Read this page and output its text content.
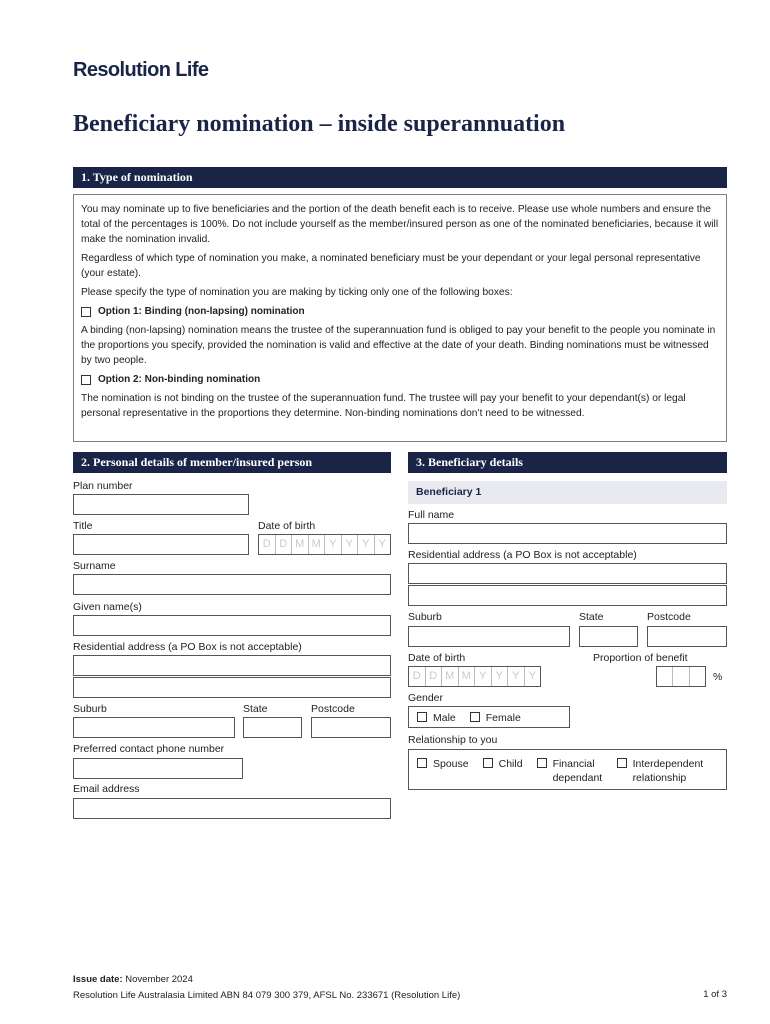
Resolution Life
Beneficiary nomination – inside superannuation
1. Type of nomination

You may nominate up to five beneficiaries and the portion of the death benefit each is to receive. Please use whole numbers and ensure the total of the percentages is 100%. Do not include yourself as the member/insured person as one of the nominated beneficiaries, because it will make the nomination invalid.

Regardless of which type of nomination you make, a nominated beneficiary must be your dependant or your legal personal representative (your estate).

Please specify the type of nomination you are making by ticking only one of the following boxes:

Option 1: Binding (non-lapsing) nomination

A binding (non-lapsing) nomination means the trustee of the superannuation fund is obliged to pay your benefit to the people you nominate in the proportions you specify, provided the nomination is valid and effective at the date of your death. Binding nominations must be witnessed by two people.

Option 2: Non-binding nomination

The nomination is not binding on the trustee of the superannuation fund. The trustee will pay your benefit to your dependant(s) or legal personal representative in the proportions they determine. Non-binding nominations don’t need to be witnessed.

2. Personal details of member/insured person
Plan number
Title	Date of birth
D D M M Y Y Y Y
Surname
Given name(s)
Residential address (a PO Box is not acceptable)
Suburb	State	Postcode
Preferred contact phone number
Email address
3. Beneficiary details
Beneficiary 1
Full name
Residential address (a PO Box is not acceptable)
Suburb	State	Postcode
Date of birth
D D M M Y Y Y Y
Proportion of benefit
%
Gender
Male	Female
Relationship to you
Spouse	Child	Financial dependant
Interdependent relationship
Issue date: November 2024
Resolution Life Australasia Limited ABN 84 079 300 379, AFSL No. 233671 (Resolution Life)	1 of 3
